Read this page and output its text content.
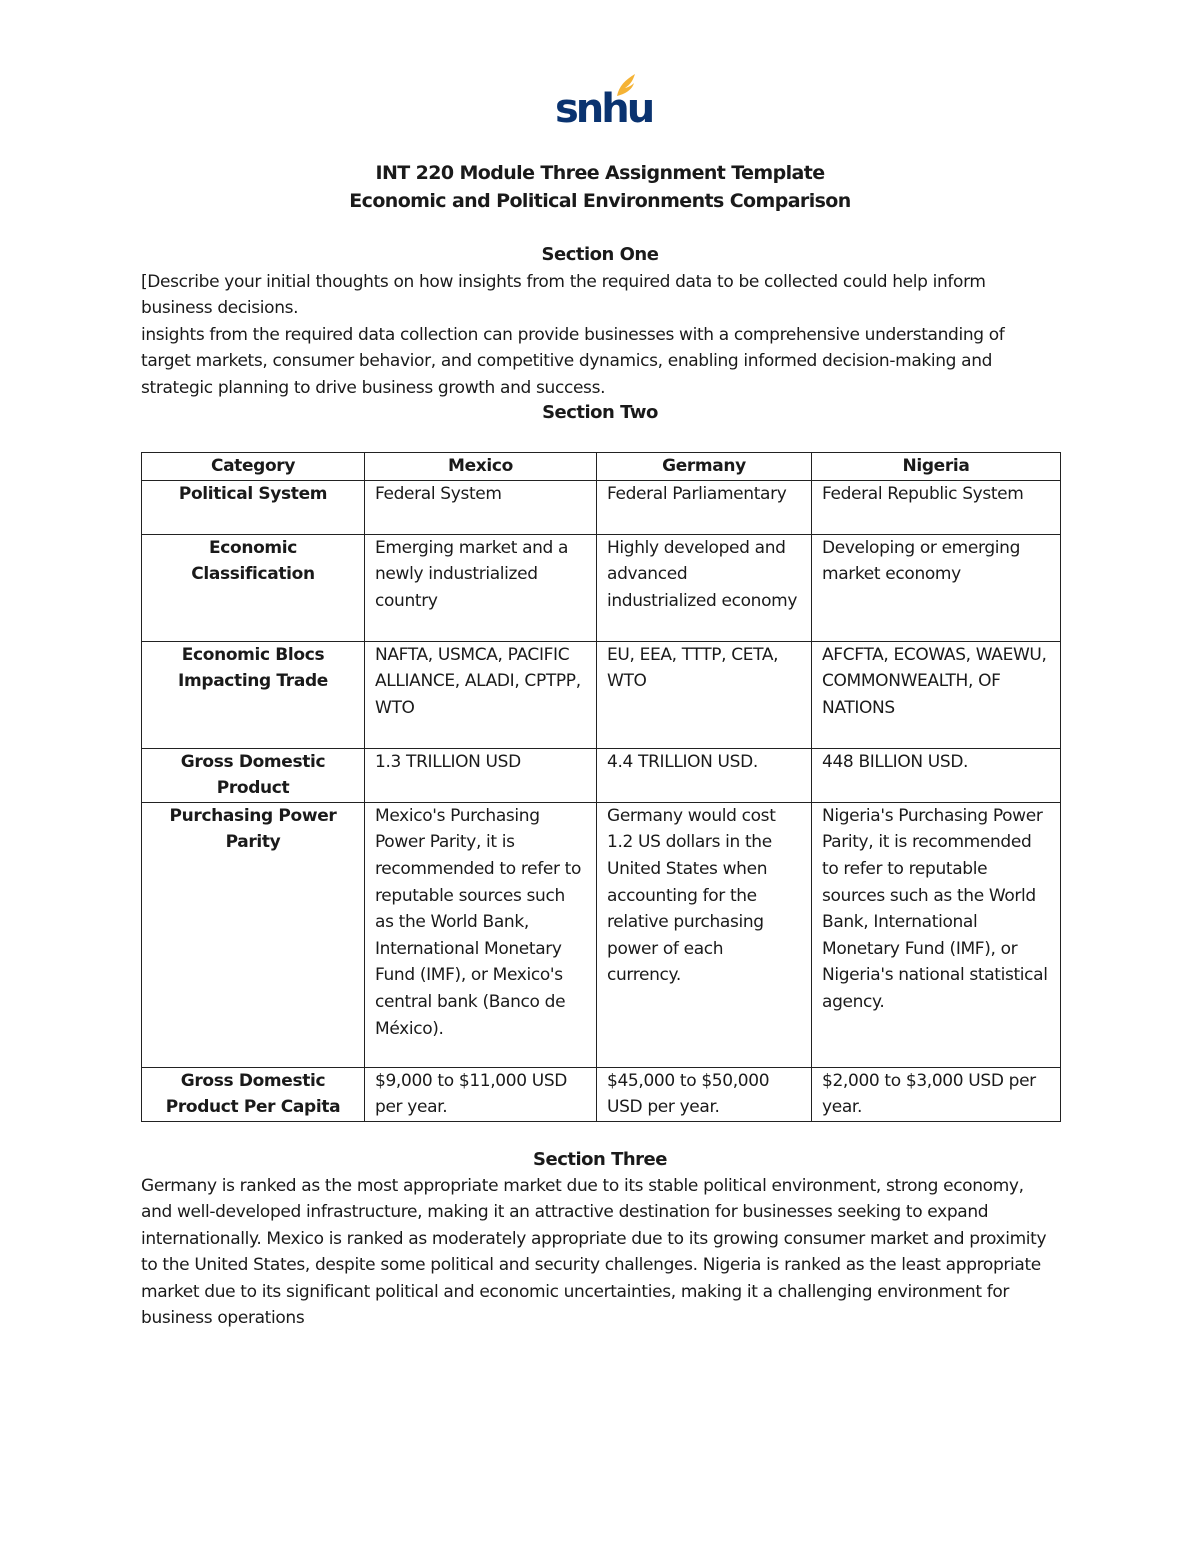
snhu
INT 220 Module Three Assignment Template
Economic and Political Environments Comparison
Section One

[Describe your initial thoughts on how insights from the required data to be collected could help inform business decisions.

insights from the required data collection can provide businesses with a comprehensive understanding of target markets, consumer behavior, and competitive dynamics, enabling informed decision-making and strategic planning to drive business growth and success.

Section Two
Category	Mexico	Germany	Nigeria
Political System	Federal System	Federal Parliamentary	Federal Republic System
Economic Classification	Emerging market and a newly industrialized country	Highly developed and advanced industrialized economy	Developing or emerging market economy
Economic Blocs Impacting Trade	NAFTA, USMCA, PACIFIC ALLIANCE, ALADI, CPTPP, WTO	EU, EEA, TTTP, CETA, WTO	AFCFTA, ECOWAS, WAEWU, COMMONWEALTH, OF NATIONS
Gross Domestic Product	1.3 TRILLION USD	4.4 TRILLION USD.	448 BILLION USD.
Purchasing Power Parity	Mexico's Purchasing Power Parity, it is recommended to refer to reputable sources such as the World Bank, International Monetary Fund (IMF), or Mexico's central bank (Banco de México).	Germany would cost 1.2 US dollars in the United States when accounting for the relative purchasing power of each currency.	Nigeria's Purchasing Power Parity, it is recommended to refer to reputable sources such as the World Bank, International Monetary Fund (IMF), or Nigeria's national statistical agency.
Gross Domestic Product Per Capita	$9,000 to $11,000 USD per year.	$45,000 to $50,000 USD per year.	$2,000 to $3,000 USD per year.
Section Three

Germany is ranked as the most appropriate market due to its stable political environment, strong economy, and well-developed infrastructure, making it an attractive destination for businesses seeking to expand internationally. Mexico is ranked as moderately appropriate due to its growing consumer market and proximity to the United States, despite some political and security challenges. Nigeria is ranked as the least appropriate market due to its significant political and economic uncertainties, making it a challenging environment for business operations
